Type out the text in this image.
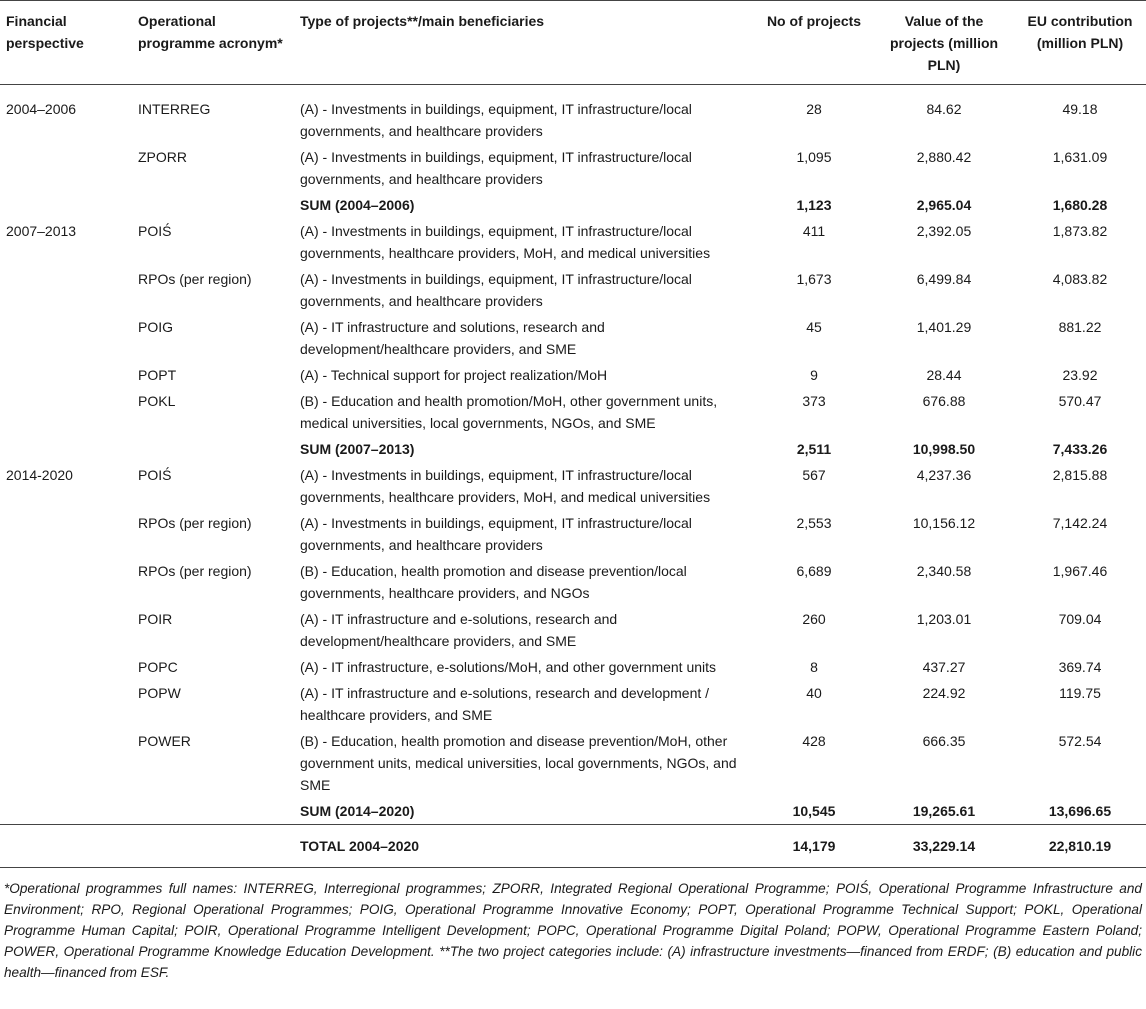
Financial perspective	Operational programme acronym*	Type of projects**/main beneficiaries	No of projects	Value of the projects (million PLN)	EU contribution (million PLN)
2004–2006	INTERREG	(A) - Investments in buildings, equipment, IT infrastructure/local governments, and healthcare providers	28	84.62	49.18
	ZPORR	(A) - Investments in buildings, equipment, IT infrastructure/local governments, and healthcare providers	1,095	2,880.42	1,631.09
		SUM (2004–2006)	1,123	2,965.04	1,680.28
2007–2013	POIŚ	(A) - Investments in buildings, equipment, IT infrastructure/local governments, healthcare providers, MoH, and medical universities	411	2,392.05	1,873.82
	RPOs (per region)	(A) - Investments in buildings, equipment, IT infrastructure/local governments, and healthcare providers	1,673	6,499.84	4,083.82
	POIG	(A) - IT infrastructure and solutions, research and development/healthcare providers, and SME	45	1,401.29	881.22
	POPT	(A) - Technical support for project realization/MoH	9	28.44	23.92
	POKL	(B) - Education and health promotion/MoH, other government units, medical universities, local governments, NGOs, and SME	373	676.88	570.47
		SUM (2007–2013)	2,511	10,998.50	7,433.26
2014-2020	POIŚ	(A) - Investments in buildings, equipment, IT infrastructure/local governments, healthcare providers, MoH, and medical universities	567	4,237.36	2,815.88
	RPOs (per region)	(A) - Investments in buildings, equipment, IT infrastructure/local governments, and healthcare providers	2,553	10,156.12	7,142.24
	RPOs (per region)	(B) - Education, health promotion and disease prevention/local governments, healthcare providers, and NGOs	6,689	2,340.58	1,967.46
	POIR	(A) - IT infrastructure and e-solutions, research and development/healthcare providers, and SME	260	1,203.01	709.04
	POPC	(A) - IT infrastructure, e-solutions/MoH, and other government units	8	437.27	369.74
	POPW	(A) - IT infrastructure and e-solutions, research and development / healthcare providers, and SME	40	224.92	119.75
	POWER	(B) - Education, health promotion and disease prevention/MoH, other government units, medical universities, local governments, NGOs, and SME	428	666.35	572.54
		SUM (2014–2020)	10,545	19,265.61	13,696.65
		TOTAL 2004–2020	14,179	33,229.14	22,810.19
*Operational programmes full names: INTERREG, Interregional programmes; ZPORR, Integrated Regional Operational Programme; POIŚ, Operational Programme Infrastructure and Environment; RPO, Regional Operational Programmes; POIG, Operational Programme Innovative Economy; POPT, Operational Programme Technical Support; POKL, Operational Programme Human Capital; POIR, Operational Programme Intelligent Development; POPC, Operational Programme Digital Poland; POPW, Operational Programme Eastern Poland; POWER, Operational Programme Knowledge Education Development. **The two project categories include: (A) infrastructure investments—financed from ERDF; (B) education and public health—financed from ESF.
